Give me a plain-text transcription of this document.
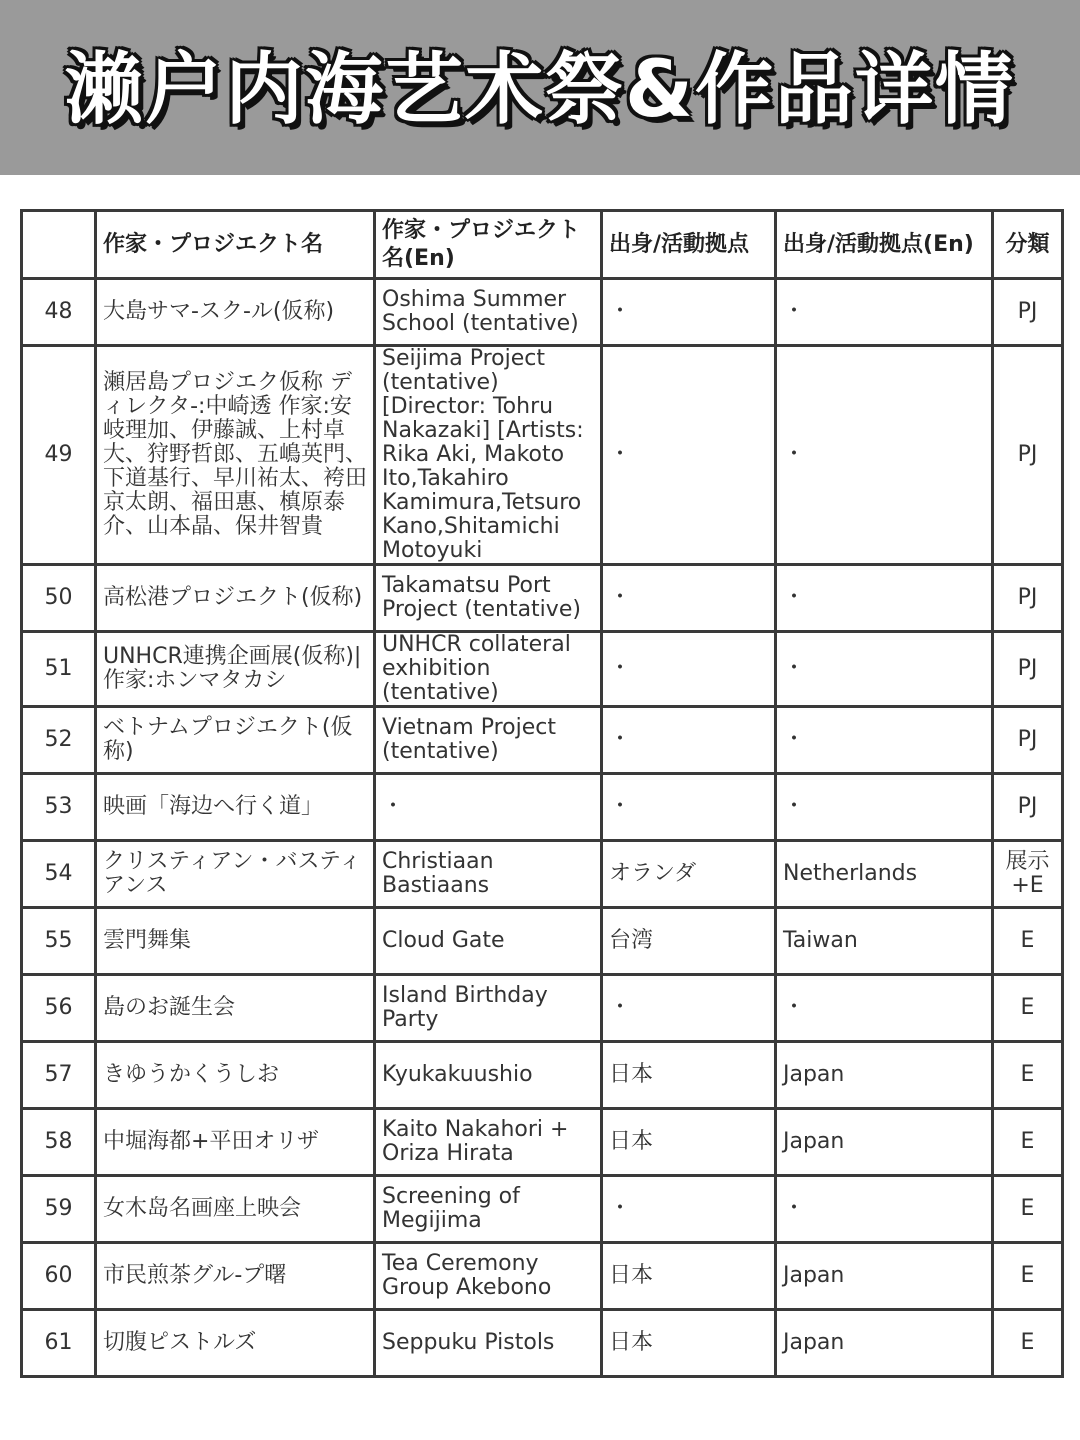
濑户内海艺术祭&作品详情
	作家・プロジエクト名	作家・プロジエクト名(En)	出身/活動拠点	出身/活動拠点(En)	分類
48	大島サマ-スク-ル(仮称)	Oshima Summer School (tentative)	・	・	PJ
49	瀬居島プロジエク仮称 ディレクタ-:中崎透 作家:安岐理加、伊藤誠、上村卓大、狩野哲郎、五嶋英門、下道基行、早川祐太、袴田京太朗、福田惠、槙原泰介、山本晶、保井智貴	Seijima Project (tentative) [Director: Tohru Nakazaki] [Artists: Rika Aki, Makoto Ito,Takahiro Kamimura,Tetsuro Kano,Shitamichi Motoyuki	・	・	PJ
50	高松港プロジエクト(仮称)	Takamatsu Port Project (tentative)	・	・	PJ
51	UNHCR連携企画展(仮称)|作家:ホンマタカシ	UNHCR collateral exhibition (tentative)	・	・	PJ
52	ベトナムプロジエクト(仮称)	Vietnam Project (tentative)	・	・	PJ
53	映画「海边へ行く道」	・	・	・	PJ
54	クリスティアン・バスティアンス	Christiaan Bastiaans	オランダ	Netherlands	展示+E
55	雲門舞集	Cloud Gate	台湾	Taiwan	E
56	島のお誕生会	Island Birthday Party	・	・	E
57	きゆうかくうしお	Kyukakuushio	日本	Japan	E
58	中堀海都+平田オリザ	Kaito Nakahori + Oriza Hirata	日本	Japan	E
59	女木岛名画座上映会	Screening of Megijima	・	・	E
60	市民煎茶グル-プ曙	Tea Ceremony Group Akebono	日本	Japan	E
61	切腹ピストルズ	Seppuku Pistols	日本	Japan	E
